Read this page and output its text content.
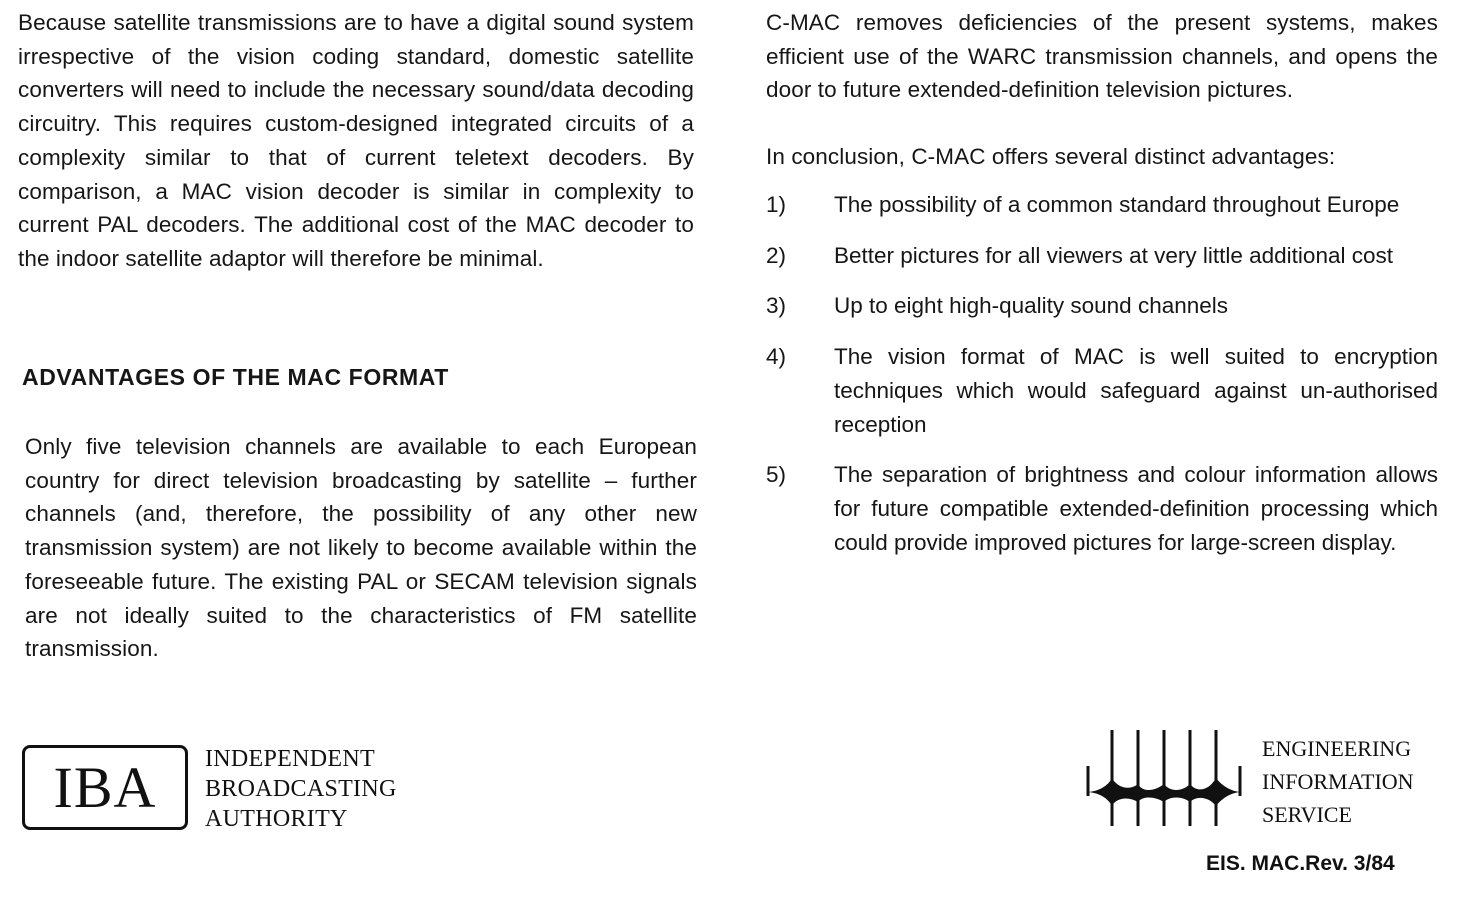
Because satellite transmissions are to have a digital sound system irrespective of the vision coding standard, domestic satellite converters will need to include the necessary sound/data decoding circuitry. This requires custom-designed integrated circuits of a complexity similar to that of current teletext decoders. By comparison, a MAC vision decoder is similar in complexity to current PAL decoders. The additional cost of the MAC decoder to the indoor satellite adaptor will therefore be minimal.

ADVANTAGES OF THE MAC FORMAT

Only five television channels are available to each European country for direct television broadcasting by satellite – further channels (and, therefore, the possibility of any other new transmission system) are not likely to become available within the foreseeable future. The existing PAL or SECAM television signals are not ideally suited to the characteristics of FM satellite transmission.

C-MAC removes deficiencies of the present systems, makes efficient use of the WARC transmission channels, and opens the door to future extended-definition television pictures.

In conclusion, C-MAC offers several distinct advantages:

1)	The possibility of a common standard throughout Europe
2)	Better pictures for all viewers at very little additional cost
3)	Up to eight high-quality sound channels
4)	The vision format of MAC is well suited to encryption techniques which would safeguard against un-authorised reception
5)	The separation of brightness and colour information allows for future compatible extended-definition processing which could provide improved pictures for large-screen display.
IBA	INDEPENDENT
BROADCASTING
AUTHORITY
ENGINEERING
INFORMATION
SERVICE
EIS. MAC.Rev. 3/84
